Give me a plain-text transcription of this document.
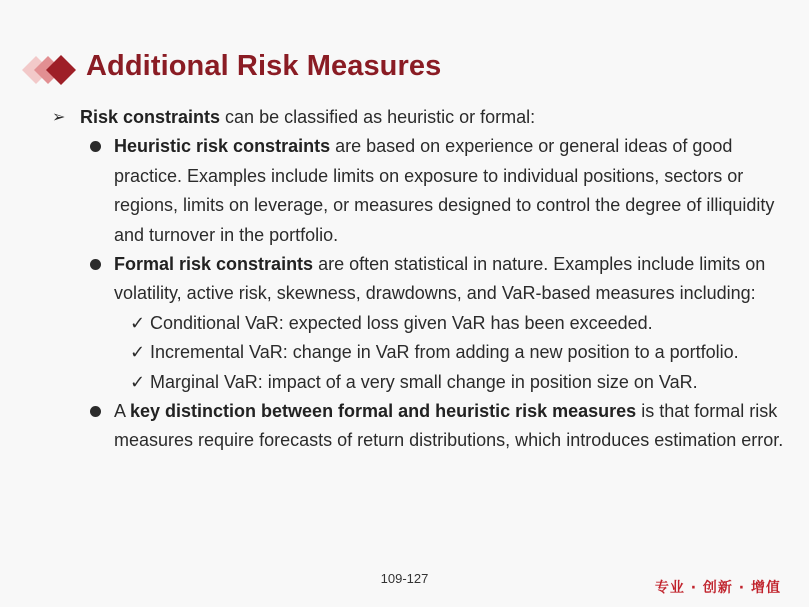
Additional Risk Measures
➢ Risk constraints can be classified as heuristic or formal:
Heuristic risk constraints are based on experience or general ideas of good practice. Examples include limits on exposure to individual positions, sectors or regions, limits on leverage, or measures designed to control the degree of illiquidity and turnover in the portfolio.
Formal risk constraints are often statistical in nature. Examples include limits on volatility, active risk, skewness, drawdowns, and VaR-based measures including:
✓ Conditional VaR: expected loss given VaR has been exceeded.
✓ Incremental VaR: change in VaR from adding a new position to a portfolio.
✓ Marginal VaR: impact of a very small change in position size on VaR.
A key distinction between formal and heuristic risk measures is that formal risk measures require forecasts of return distributions, which introduces estimation error.
109-127
专业 · 创新 · 增值
